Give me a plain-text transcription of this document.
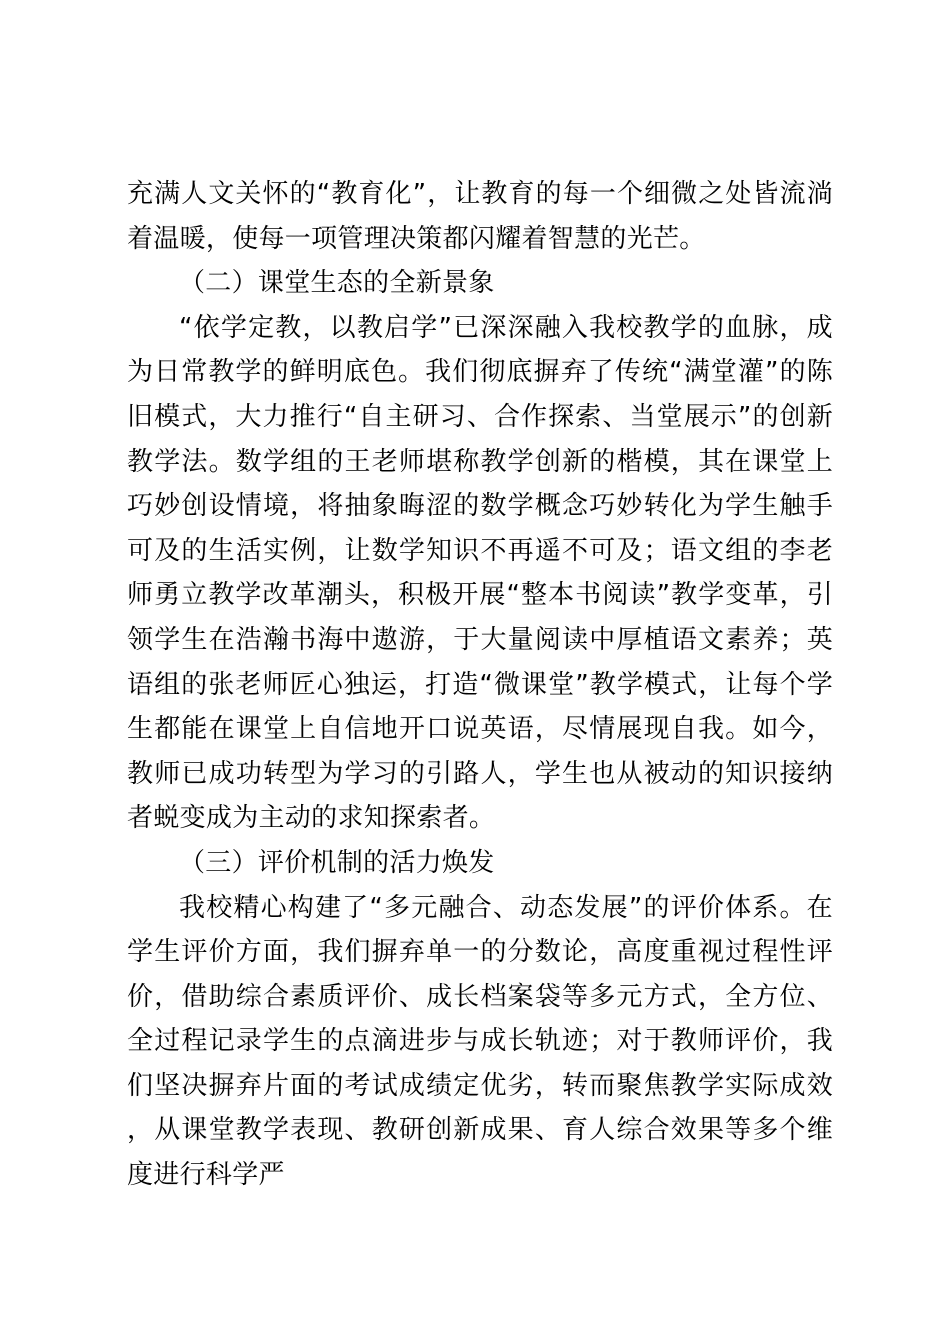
充满人文关怀的“教育化”，让教育的每一个细微之处皆流淌着温暖，使每一项管理决策都闪耀着智慧的光芒。

（二）课堂生态的全新景象

“依学定教，以教启学”已深深融入我校教学的血脉，成为日常教学的鲜明底色。我们彻底摒弃了传统“满堂灌”的陈旧模式，大力推行“自主研习、合作探索、当堂展示”的创新教学法。数学组的王老师堪称教学创新的楷模，其在课堂上巧妙创设情境，将抽象晦涩的数学概念巧妙转化为学生触手可及的生活实例，让数学知识不再遥不可及；语文组的李老师勇立教学改革潮头，积极开展“整本书阅读”教学变革，引领学生在浩瀚书海中遨游，于大量阅读中厚植语文素养；英语组的张老师匠心独运，打造“微课堂”教学模式，让每个学生都能在课堂上自信地开口说英语，尽情展现自我。如今，教师已成功转型为学习的引路人，学生也从被动的知识接纳者蜕变成为主动的求知探索者。

（三）评价机制的活力焕发

我校精心构建了“多元融合、动态发展”的评价体系。在学生评价方面，我们摒弃单一的分数论，高度重视过程性评价，借助综合素质评价、成长档案袋等多元方式，全方位、全过程记录学生的点滴进步与成长轨迹；对于教师评价，我们坚决摒弃片面的考试成绩定优劣，转而聚焦教学实际成效，从课堂教学表现、教研创新成果、育人综合效果等多个维度进行科学严
